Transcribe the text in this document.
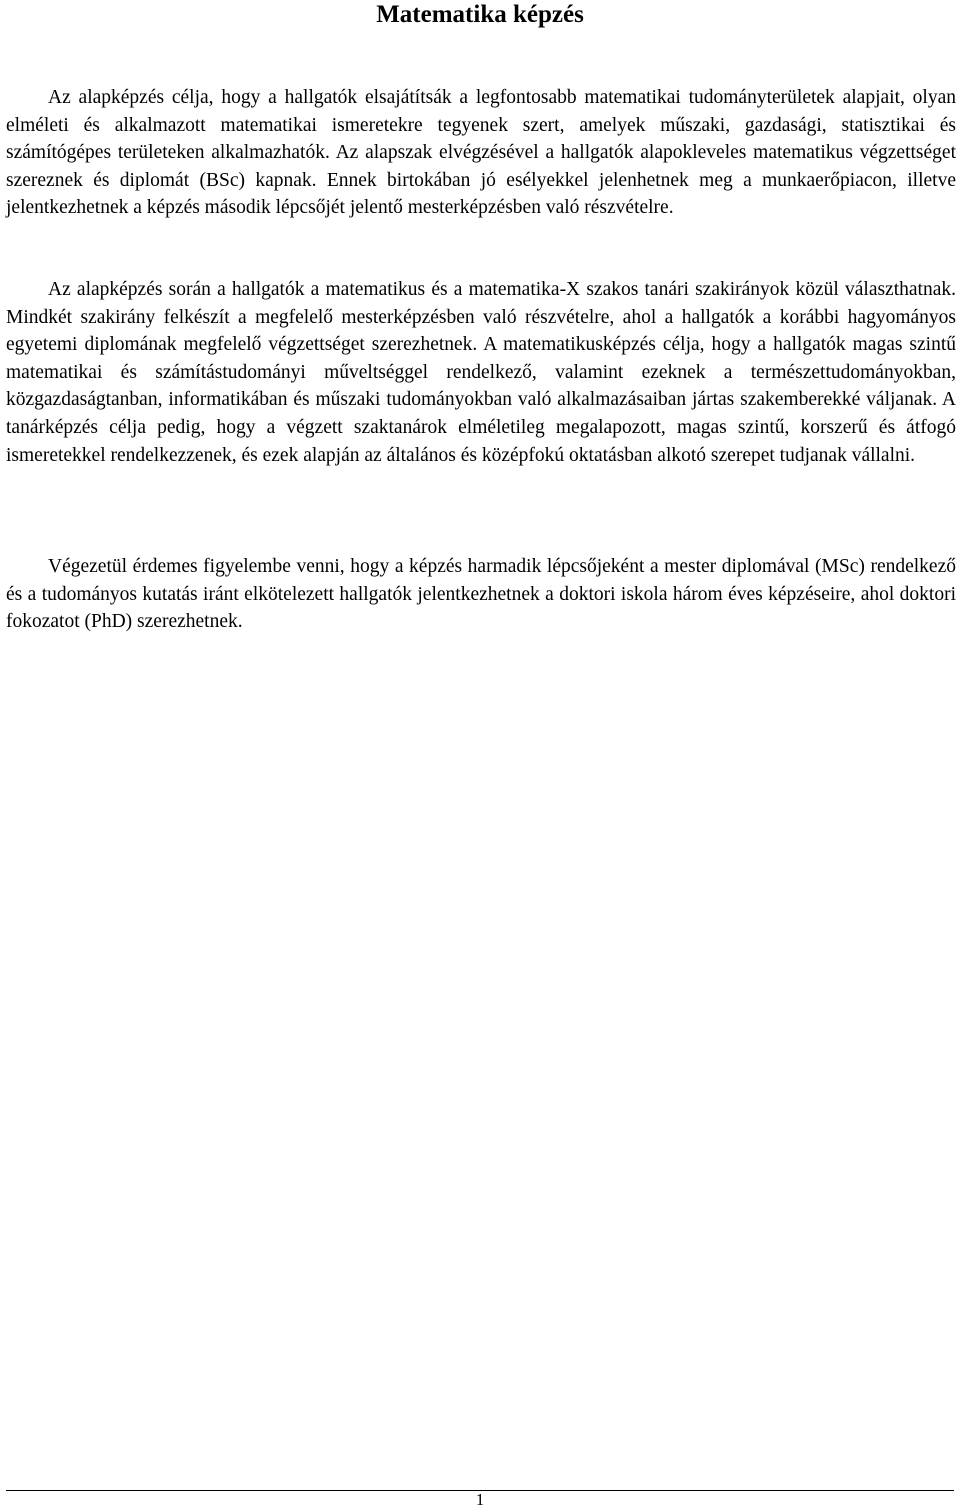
Matematika képzés

Az alapképzés célja, hogy a hallgatók elsajátítsák a legfontosabb matematikai tudományterületek alapjait, olyan elméleti és alkalmazott matematikai ismeretekre tegyenek szert, amelyek műszaki, gazdasági, statisztikai és számítógépes területeken alkalmazhatók. Az alapszak elvégzésével a hallgatók alapokleveles matematikus végzettséget szereznek és diplomát (BSc) kapnak. Ennek birtokában jó esélyekkel jelenhetnek meg a munkaerőpiacon, illetve jelentkezhetnek a képzés második lépcsőjét jelentő mesterképzésben való részvételre.

Az alapképzés során a hallgatók a matematikus és a matematika-X szakos tanári szakirányok közül választhatnak. Mindkét szakirány felkészít a megfelelő mesterképzésben való részvételre, ahol a hallgatók a korábbi hagyományos egyetemi diplomának megfelelő végzettséget szerezhetnek. A matematikusképzés célja, hogy a hallgatók magas szintű matematikai és számítástudományi műveltséggel rendelkező, valamint ezeknek a természettudományokban, közgazdaságtanban, informatikában és műszaki tudományokban való alkalmazásaiban jártas szakemberekké váljanak. A tanárképzés célja pedig, hogy a végzett szaktanárok elméletileg megalapozott, magas szintű, korszerű és átfogó ismeretekkel rendelkezzenek, és ezek alapján az általános és középfokú oktatásban alkotó szerepet tudjanak vállalni.

Végezetül érdemes figyelembe venni, hogy a képzés harmadik lépcsőjeként a mester diplomával (MSc) rendelkező és a tudományos kutatás iránt elkötelezett hallgatók jelentkezhetnek a doktori iskola három éves képzéseire, ahol doktori fokozatot (PhD) szerezhetnek.

1
